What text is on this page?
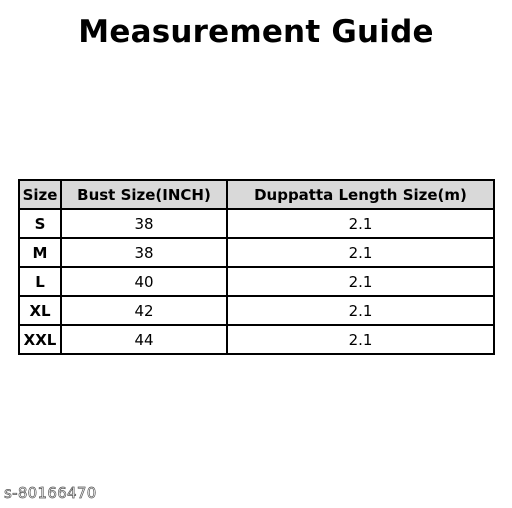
Measurement Guide
Size	Bust Size(INCH)	Duppatta Length Size(m)
S	38	2.1
M	38	2.1
L	40	2.1
XL	42	2.1
XXL	44	2.1
s-80166470
